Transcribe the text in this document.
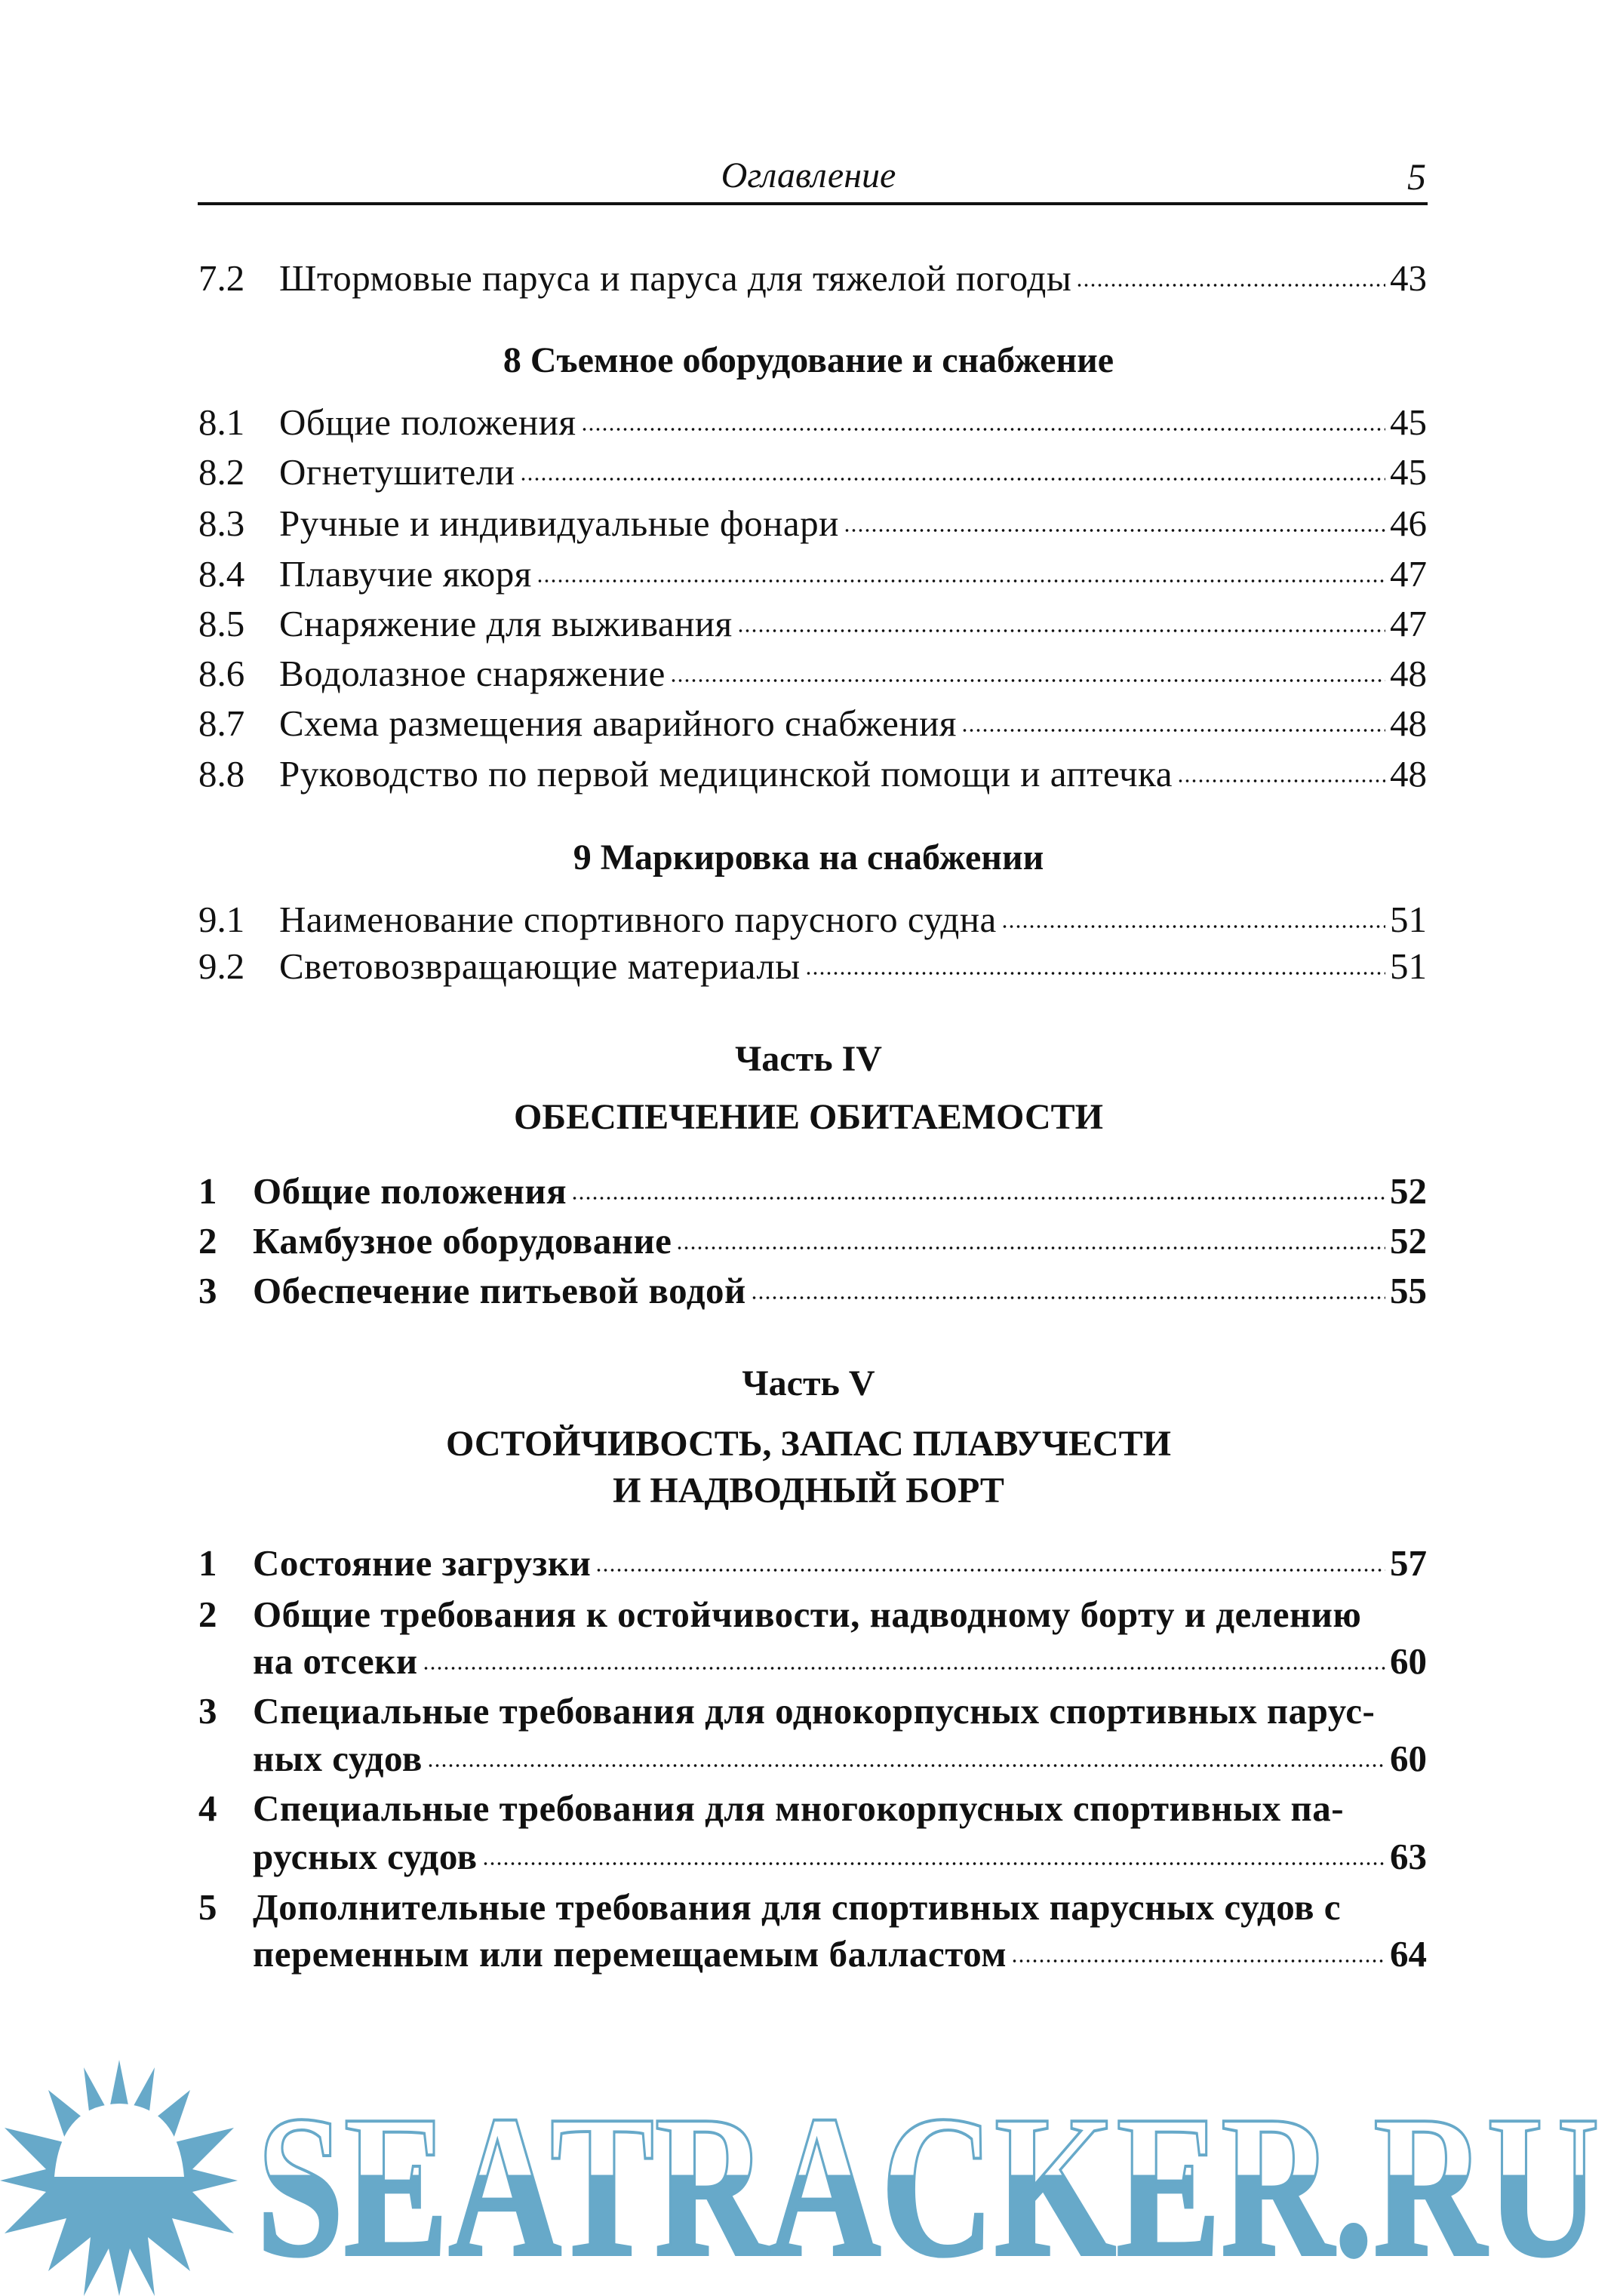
Оглавление	5
7.2 Штормовые паруса и паруса для тяжелой погоды	43
8 Съемное оборудование и снабжение
8.1 Общие положения	45
8.2 Огнетушители	45
8.3 Ручные и индивидуальные фонари	46
8.4 Плавучие якоря	47
8.5 Снаряжение для выживания	47
8.6 Водолазное снаряжение	48
8.7 Схема размещения аварийного снабжения	48
8.8 Руководство по первой медицинской помощи и аптечка	48
9 Маркировка на снабжении
9.1 Наименование спортивного парусного судна	51
9.2 Световозвращающие материалы	51
Часть IV
ОБЕСПЕЧЕНИЕ ОБИТАЕМОСТИ
1 Общие положения	52
2 Камбузное оборудование	52
3 Обеспечение питьевой водой	55
Часть V
ОСТОЙЧИВОСТЬ, ЗАПАС ПЛАВУЧЕСТИ
И НАДВОДНЫЙ БОРТ
1 Состояние загрузки	57
2 Общие требования к остойчивости, надводному борту и делению
на отсеки	60
3 Специальные требования для однокорпусных спортивных парус-
ных судов	60
4 Специальные требования для многокорпусных спортивных па-
русных судов	63
5 Дополнительные требования для спортивных парусных судов с
переменным или перемещаемым балластом	64
SEATRACKER.RU
